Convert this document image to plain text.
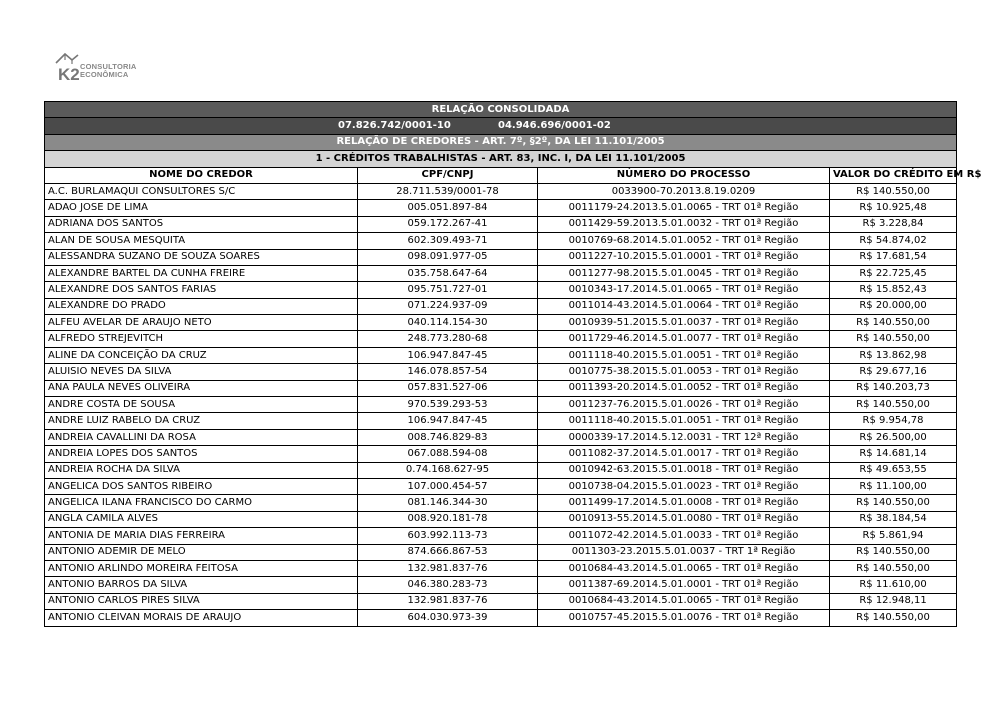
K2 CONSULTORIA
ECONÔMICA
RELAÇÃO CONSOLIDADA			
07.826.742/0001-10 04.946.696/0001-02			
RELAÇÃO DE CREDORES - ART. 7º, §2º, DA LEI 11.101/2005			
1 - CRÉDITOS TRABALHISTAS - ART. 83, INC. I, DA LEI 11.101/2005			
NOME DO CREDOR	CPF/CNPJ	NÚMERO DO PROCESSO	VALOR DO CRÉDITO EM R$
A.C. BURLAMAQUI CONSULTORES S/C	28.711.539/0001-78	0033900-70.2013.8.19.0209	R$ 140.550,00
ADAO JOSE DE LIMA	005.051.897-84	0011179-24.2013.5.01.0065 - TRT 01ª Região	R$ 10.925,48
ADRIANA DOS SANTOS	059.172.267-41	0011429-59.2013.5.01.0032 - TRT 01ª Região	R$ 3.228,84
ALAN DE SOUSA MESQUITA	602.309.493-71	0010769-68.2014.5.01.0052 - TRT 01ª Região	R$ 54.874,02
ALESSANDRA SUZANO DE SOUZA SOARES	098.091.977-05	0011227-10.2015.5.01.0001 - TRT 01ª Região	R$ 17.681,54
ALEXANDRE BARTEL DA CUNHA FREIRE	035.758.647-64	0011277-98.2015.5.01.0045 - TRT 01ª Região	R$ 22.725,45
ALEXANDRE DOS SANTOS FARIAS	095.751.727-01	0010343-17.2014.5.01.0065 - TRT 01ª Região	R$ 15.852,43
ALEXANDRE DO PRADO	071.224.937-09	0011014-43.2014.5.01.0064 - TRT 01ª Região	R$ 20.000,00
ALFEU AVELAR DE ARAUJO NETO	040.114.154-30	0010939-51.2015.5.01.0037 - TRT 01ª Região	R$ 140.550,00
ALFREDO STREJEVITCH	248.773.280-68	0011729-46.2014.5.01.0077 - TRT 01ª Região	R$ 140.550,00
ALINE DA CONCEIÇÃO DA CRUZ	106.947.847-45	0011118-40.2015.5.01.0051 - TRT 01ª Região	R$ 13.862,98
ALUISIO NEVES DA SILVA	146.078.857-54	0010775-38.2015.5.01.0053 - TRT 01ª Região	R$ 29.677,16
ANA PAULA NEVES OLIVEIRA	057.831.527-06	0011393-20.2014.5.01.0052 - TRT 01ª Região	R$ 140.203,73
ANDRE COSTA DE SOUSA	970.539.293-53	0011237-76.2015.5.01.0026 - TRT 01ª Região	R$ 140.550,00
ANDRE LUIZ RABELO DA CRUZ	106.947.847-45	0011118-40.2015.5.01.0051 - TRT 01ª Região	R$ 9.954,78
ANDREIA CAVALLINI DA ROSA	008.746.829-83	0000339-17.2014.5.12.0031 - TRT 12ª Região	R$ 26.500,00
ANDREIA LOPES DOS SANTOS	067.088.594-08	0011082-37.2014.5.01.0017 - TRT 01ª Região	R$ 14.681,14
ANDREIA ROCHA DA SILVA	0.74.168.627-95	0010942-63.2015.5.01.0018 - TRT 01ª Região	R$ 49.653,55
ANGELICA DOS SANTOS RIBEIRO	107.000.454-57	0010738-04.2015.5.01.0023 - TRT 01ª Região	R$ 11.100,00
ANGELICA ILANA FRANCISCO DO CARMO	081.146.344-30	0011499-17.2014.5.01.0008 - TRT 01ª Região	R$ 140.550,00
ANGLA CAMILA ALVES	008.920.181-78	0010913-55.2014.5.01.0080 - TRT 01ª Região	R$ 38.184,54
ANTONIA DE MARIA DIAS FERREIRA	603.992.113-73	0011072-42.2014.5.01.0033 - TRT 01ª Região	R$ 5.861,94
ANTONIO ADEMIR DE MELO	874.666.867-53	0011303-23.2015.5.01.0037 - TRT 1ª Região	R$ 140.550,00
ANTONIO ARLINDO MOREIRA FEITOSA	132.981.837-76	0010684-43.2014.5.01.0065 - TRT 01ª Região	R$ 140.550,00
ANTONIO BARROS DA SILVA	046.380.283-73	0011387-69.2014.5.01.0001 - TRT 01ª Região	R$ 11.610,00
ANTONIO CARLOS PIRES SILVA	132.981.837-76	0010684-43.2014.5.01.0065 - TRT 01ª Região	R$ 12.948,11
ANTONIO CLEIVAN MORAIS DE ARAUJO	604.030.973-39	0010757-45.2015.5.01.0076 - TRT 01ª Região	R$ 140.550,00
